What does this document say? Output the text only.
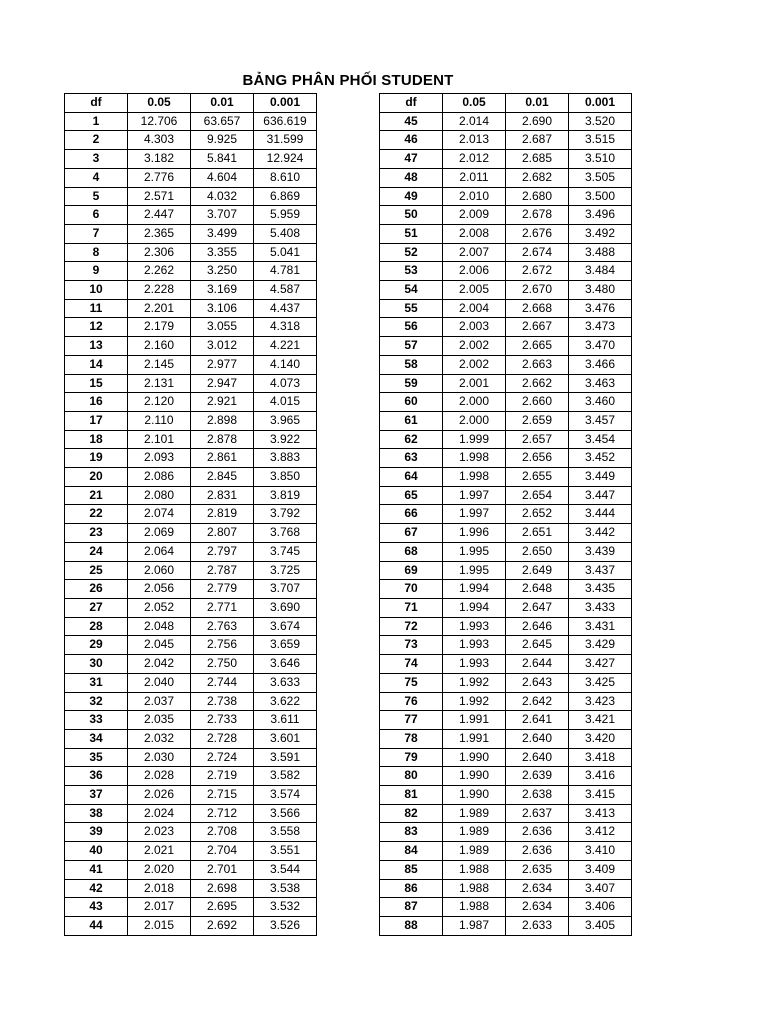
BẢNG PHÂN PHỐI STUDENT
df	0.05	0.01	0.001
1	12.706	63.657	636.619
2	4.303	9.925	31.599
3	3.182	5.841	12.924
4	2.776	4.604	8.610
5	2.571	4.032	6.869
6	2.447	3.707	5.959
7	2.365	3.499	5.408
8	2.306	3.355	5.041
9	2.262	3.250	4.781
10	2.228	3.169	4.587
11	2.201	3.106	4.437
12	2.179	3.055	4.318
13	2.160	3.012	4.221
14	2.145	2.977	4.140
15	2.131	2.947	4.073
16	2.120	2.921	4.015
17	2.110	2.898	3.965
18	2.101	2.878	3.922
19	2.093	2.861	3.883
20	2.086	2.845	3.850
21	2.080	2.831	3.819
22	2.074	2.819	3.792
23	2.069	2.807	3.768
24	2.064	2.797	3.745
25	2.060	2.787	3.725
26	2.056	2.779	3.707
27	2.052	2.771	3.690
28	2.048	2.763	3.674
29	2.045	2.756	3.659
30	2.042	2.750	3.646
31	2.040	2.744	3.633
32	2.037	2.738	3.622
33	2.035	2.733	3.611
34	2.032	2.728	3.601
35	2.030	2.724	3.591
36	2.028	2.719	3.582
37	2.026	2.715	3.574
38	2.024	2.712	3.566
39	2.023	2.708	3.558
40	2.021	2.704	3.551
41	2.020	2.701	3.544
42	2.018	2.698	3.538
43	2.017	2.695	3.532
44	2.015	2.692	3.526
df	0.05	0.01	0.001
45	2.014	2.690	3.520
46	2.013	2.687	3.515
47	2.012	2.685	3.510
48	2.011	2.682	3.505
49	2.010	2.680	3.500
50	2.009	2.678	3.496
51	2.008	2.676	3.492
52	2.007	2.674	3.488
53	2.006	2.672	3.484
54	2.005	2.670	3.480
55	2.004	2.668	3.476
56	2.003	2.667	3.473
57	2.002	2.665	3.470
58	2.002	2.663	3.466
59	2.001	2.662	3.463
60	2.000	2.660	3.460
61	2.000	2.659	3.457
62	1.999	2.657	3.454
63	1.998	2.656	3.452
64	1.998	2.655	3.449
65	1.997	2.654	3.447
66	1.997	2.652	3.444
67	1.996	2.651	3.442
68	1.995	2.650	3.439
69	1.995	2.649	3.437
70	1.994	2.648	3.435
71	1.994	2.647	3.433
72	1.993	2.646	3.431
73	1.993	2.645	3.429
74	1.993	2.644	3.427
75	1.992	2.643	3.425
76	1.992	2.642	3.423
77	1.991	2.641	3.421
78	1.991	2.640	3.420
79	1.990	2.640	3.418
80	1.990	2.639	3.416
81	1.990	2.638	3.415
82	1.989	2.637	3.413
83	1.989	2.636	3.412
84	1.989	2.636	3.410
85	1.988	2.635	3.409
86	1.988	2.634	3.407
87	1.988	2.634	3.406
88	1.987	2.633	3.405
